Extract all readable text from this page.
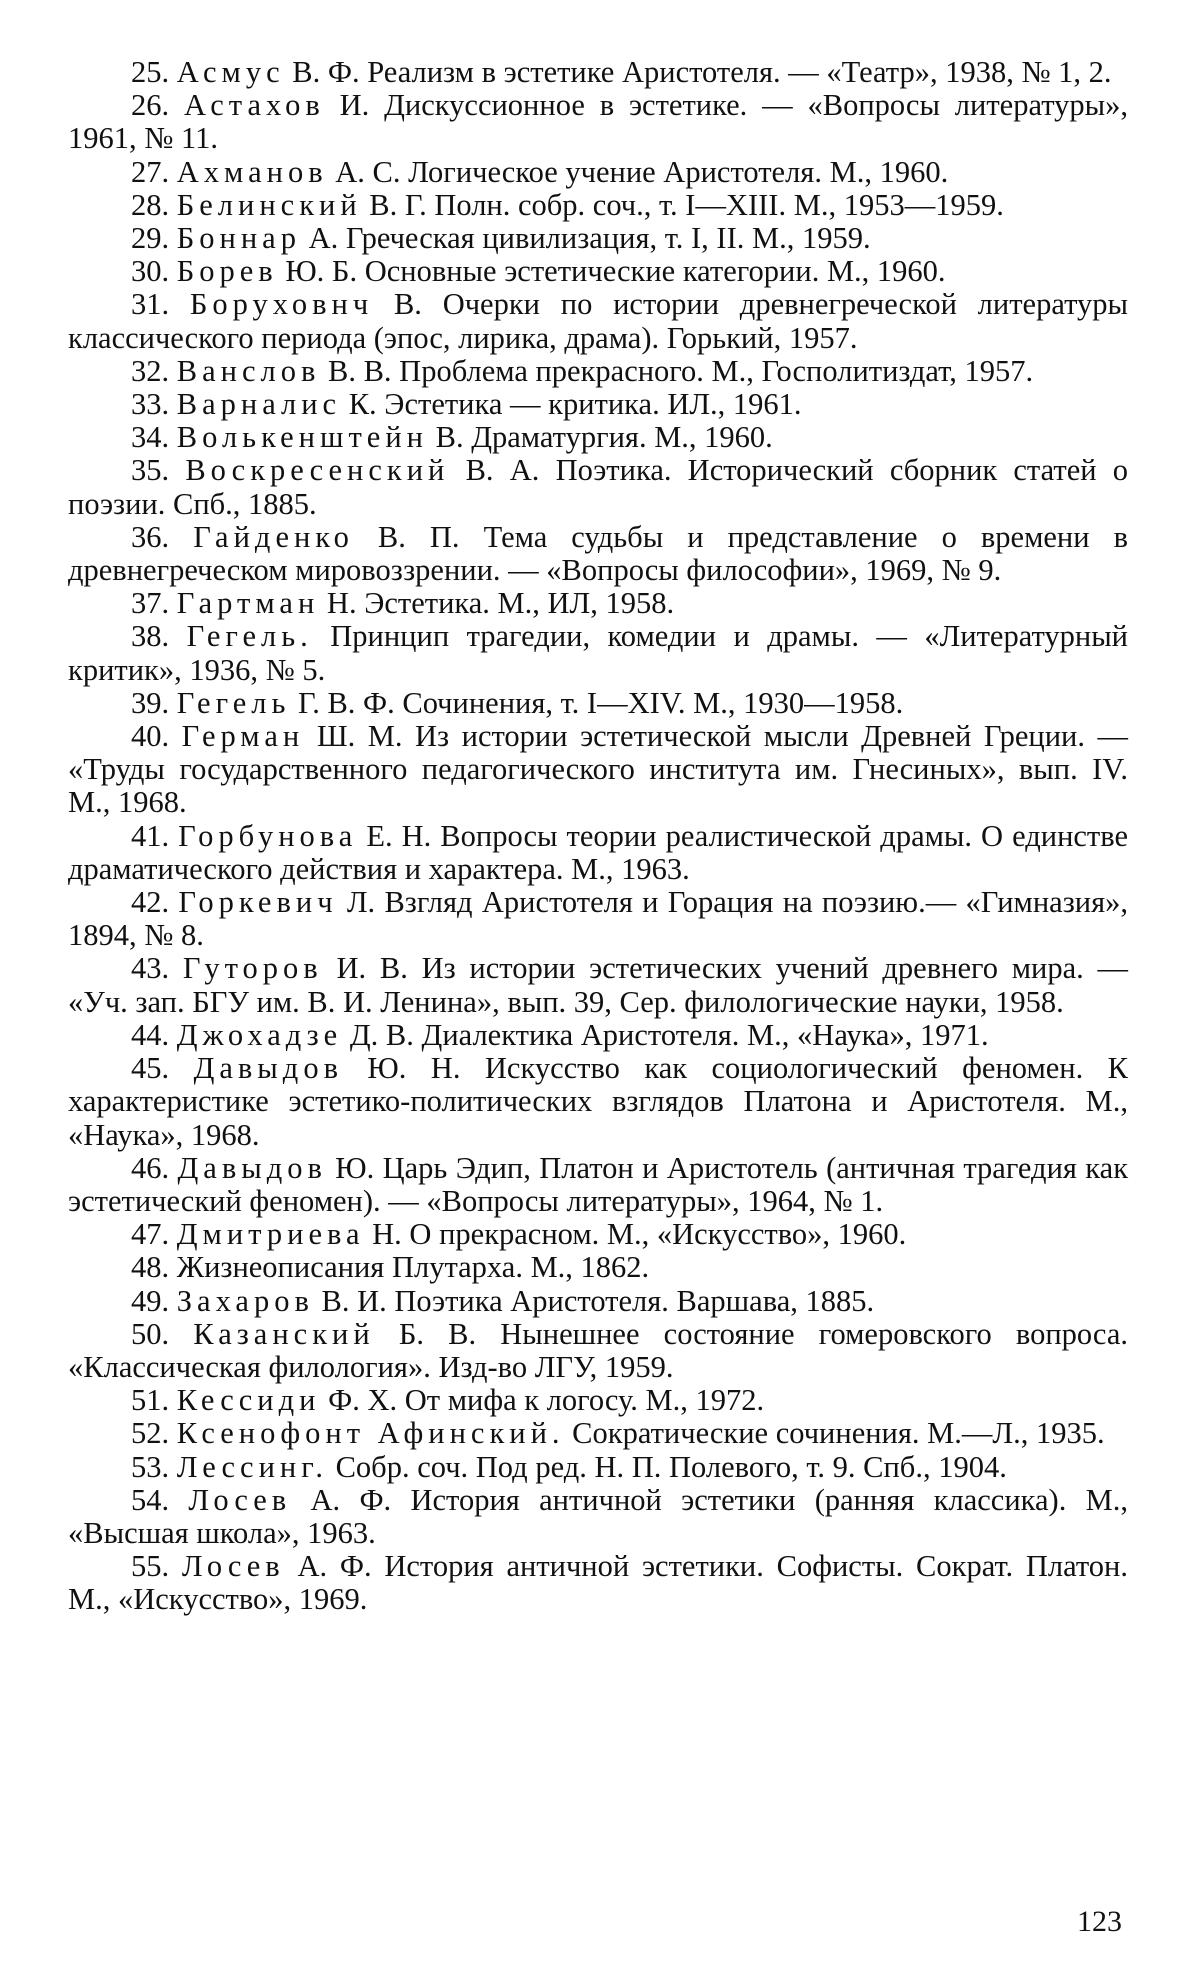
25. Асмус В. Ф. Реализм в эстетике Аристотеля. — «Театр», 1938, № 1, 2.

26. Астахов И. Дискуссионное в эстетике. — «Вопросы литературы», 1961, № 11.

27. Ахманов А. С. Логическое учение Аристотеля. М., 1960.

28. Белинский В. Г. Полн. собр. соч., т. I—XIII. М., 1953—1959.

29. Боннар А. Греческая цивилизация, т. I, II. М., 1959.

30. Борев Ю. Б. Основные эстетические категории. М., 1960.

31. Боруховнч В. Очерки по истории древнегреческой литературы классического периода (эпос, лирика, драма). Горький, 1957.

32. Ванслов В. В. Проблема прекрасного. М., Госполитиздат, 1957.

33. Варналис К. Эстетика — критика. ИЛ., 1961.

34. Волькенштейн В. Драматургия. М., 1960.

35. Воскресенский В. А. Поэтика. Исторический сборник статей о поэзии. Спб., 1885.

36. Гайденко В. П. Тема судьбы и представление о времени в древнегреческом мировоззрении. — «Вопросы философии», 1969, № 9.

37. Гартман Н. Эстетика. М., ИЛ, 1958.

38. Гегель. Принцип трагедии, комедии и драмы. — «Литературный критик», 1936, № 5.

39. Гегель Г. В. Ф. Сочинения, т. I—XIV. М., 1930—1958.

40. Герман Ш. М. Из истории эстетической мысли Древней Греции. — «Труды государственного педагогического института им. Гнесиных», вып. IV. М., 1968.

41. Горбунова Е. Н. Вопросы теории реалистической драмы. О единстве драматического действия и характера. М., 1963.

42. Горкевич Л. Взгляд Аристотеля и Горация на поэзию.— «Гимназия», 1894, № 8.

43. Гуторов И. В. Из истории эстетических учений древнего мира. — «Уч. зап. БГУ им. В. И. Ленина», вып. 39, Сер. филологические науки, 1958.

44. Джохадзе Д. В. Диалектика Аристотеля. М., «Наука», 1971.

45. Давыдов Ю. Н. Искусство как социологический феномен. К характеристике эстетико-политических взглядов Платона и Аристотеля. М., «Наука», 1968.

46. Давыдов Ю. Царь Эдип, Платон и Аристотель (античная трагедия как эстетический феномен). — «Вопросы литературы», 1964, № 1.

47. Дмитриева Н. О прекрасном. М., «Искусство», 1960.

48. Жизнеописания Плутарха. М., 1862.

49. Захаров В. И. Поэтика Аристотеля. Варшава, 1885.

50. Казанский Б. В. Нынешнее состояние гомеровского вопроса. «Классическая филология». Изд-во ЛГУ, 1959.

51. Кессиди Ф. Х. От мифа к логосу. М., 1972.

52. Ксенофонт Афинский. Сократические сочинения. М.—Л., 1935.

53. Лессинг. Собр. соч. Под ред. Н. П. Полевого, т. 9. Спб., 1904.

54. Лосев А. Ф. История античной эстетики (ранняя классика). М., «Высшая школа», 1963.

55. Лосев А. Ф. История античной эстетики. Софисты. Сократ. Платон. М., «Искусство», 1969.

123
